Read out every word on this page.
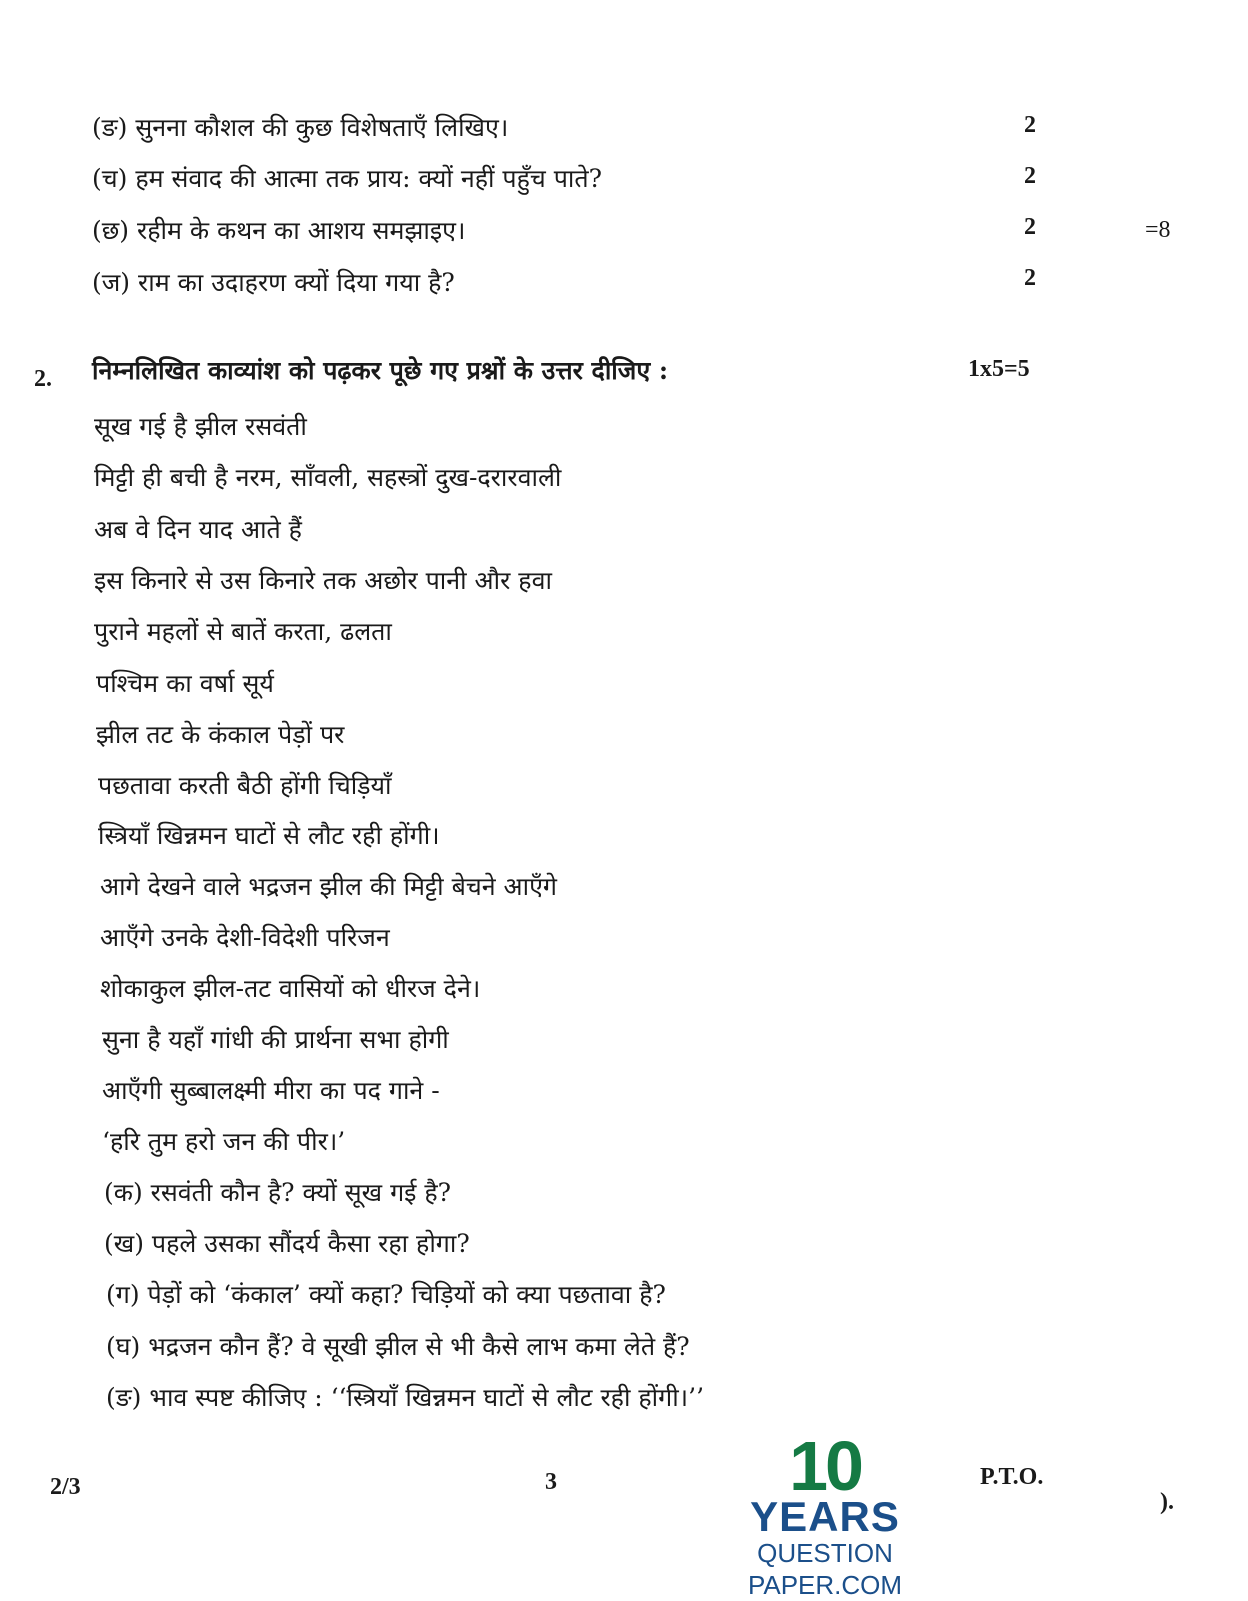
(ङ) सुनना कौशल की कुछ विशेषताएँ लिखिए।	2
(च) हम संवाद की आत्मा तक प्राय: क्यों नहीं पहुँच पाते?	2
(छ) रहीम के कथन का आशय समझाइए।	2	=8
(ज) राम का उदाहरण क्यों दिया गया है?	2
2. निम्नलिखित काव्यांश को पढ़कर पूछे गए प्रश्नों के उत्तर दीजिए :	1x5=5
सूख गई है झील रसवंती
मिट्टी ही बची है नरम, साँवली, सहस्त्रों दुख-दरारवाली
अब वे दिन याद आते हैं
इस किनारे से उस किनारे तक अछोर पानी और हवा
पुराने महलों से बातें करता, ढलता
पश्चिम का वर्षा सूर्य
झील तट के कंकाल पेड़ों पर
पछतावा करती बैठी होंगी चिड़ियाँ
स्त्रियाँ खिन्नमन घाटों से लौट रही होंगी।
आगे देखने वाले भद्रजन झील की मिट्टी बेचने आएँगे
आएँगे उनके देशी-विदेशी परिजन
शोकाकुल झील-तट वासियों को धीरज देने।
सुना है यहाँ गांधी की प्रार्थना सभा होगी
आएँगी सुब्बालक्ष्मी मीरा का पद गाने -
‘हरि तुम हरो जन की पीर।’
(क) रसवंती कौन है? क्यों सूख गई है?
(ख) पहले उसका सौंदर्य कैसा रहा होगा?
(ग) पेड़ों को ‘कंकाल’ क्यों कहा? चिड़ियों को क्या पछतावा है?
(घ) भद्रजन कौन हैं? वे सूखी झील से भी कैसे लाभ कमा लेते हैं?
(ङ) भाव स्पष्ट कीजिए : ‘‘स्त्रियाँ खिन्नमन घाटों से लौट रही होंगी।’’
2/3	3	P.T.O.
).
10
YEARS
QUESTION PAPER.COM
